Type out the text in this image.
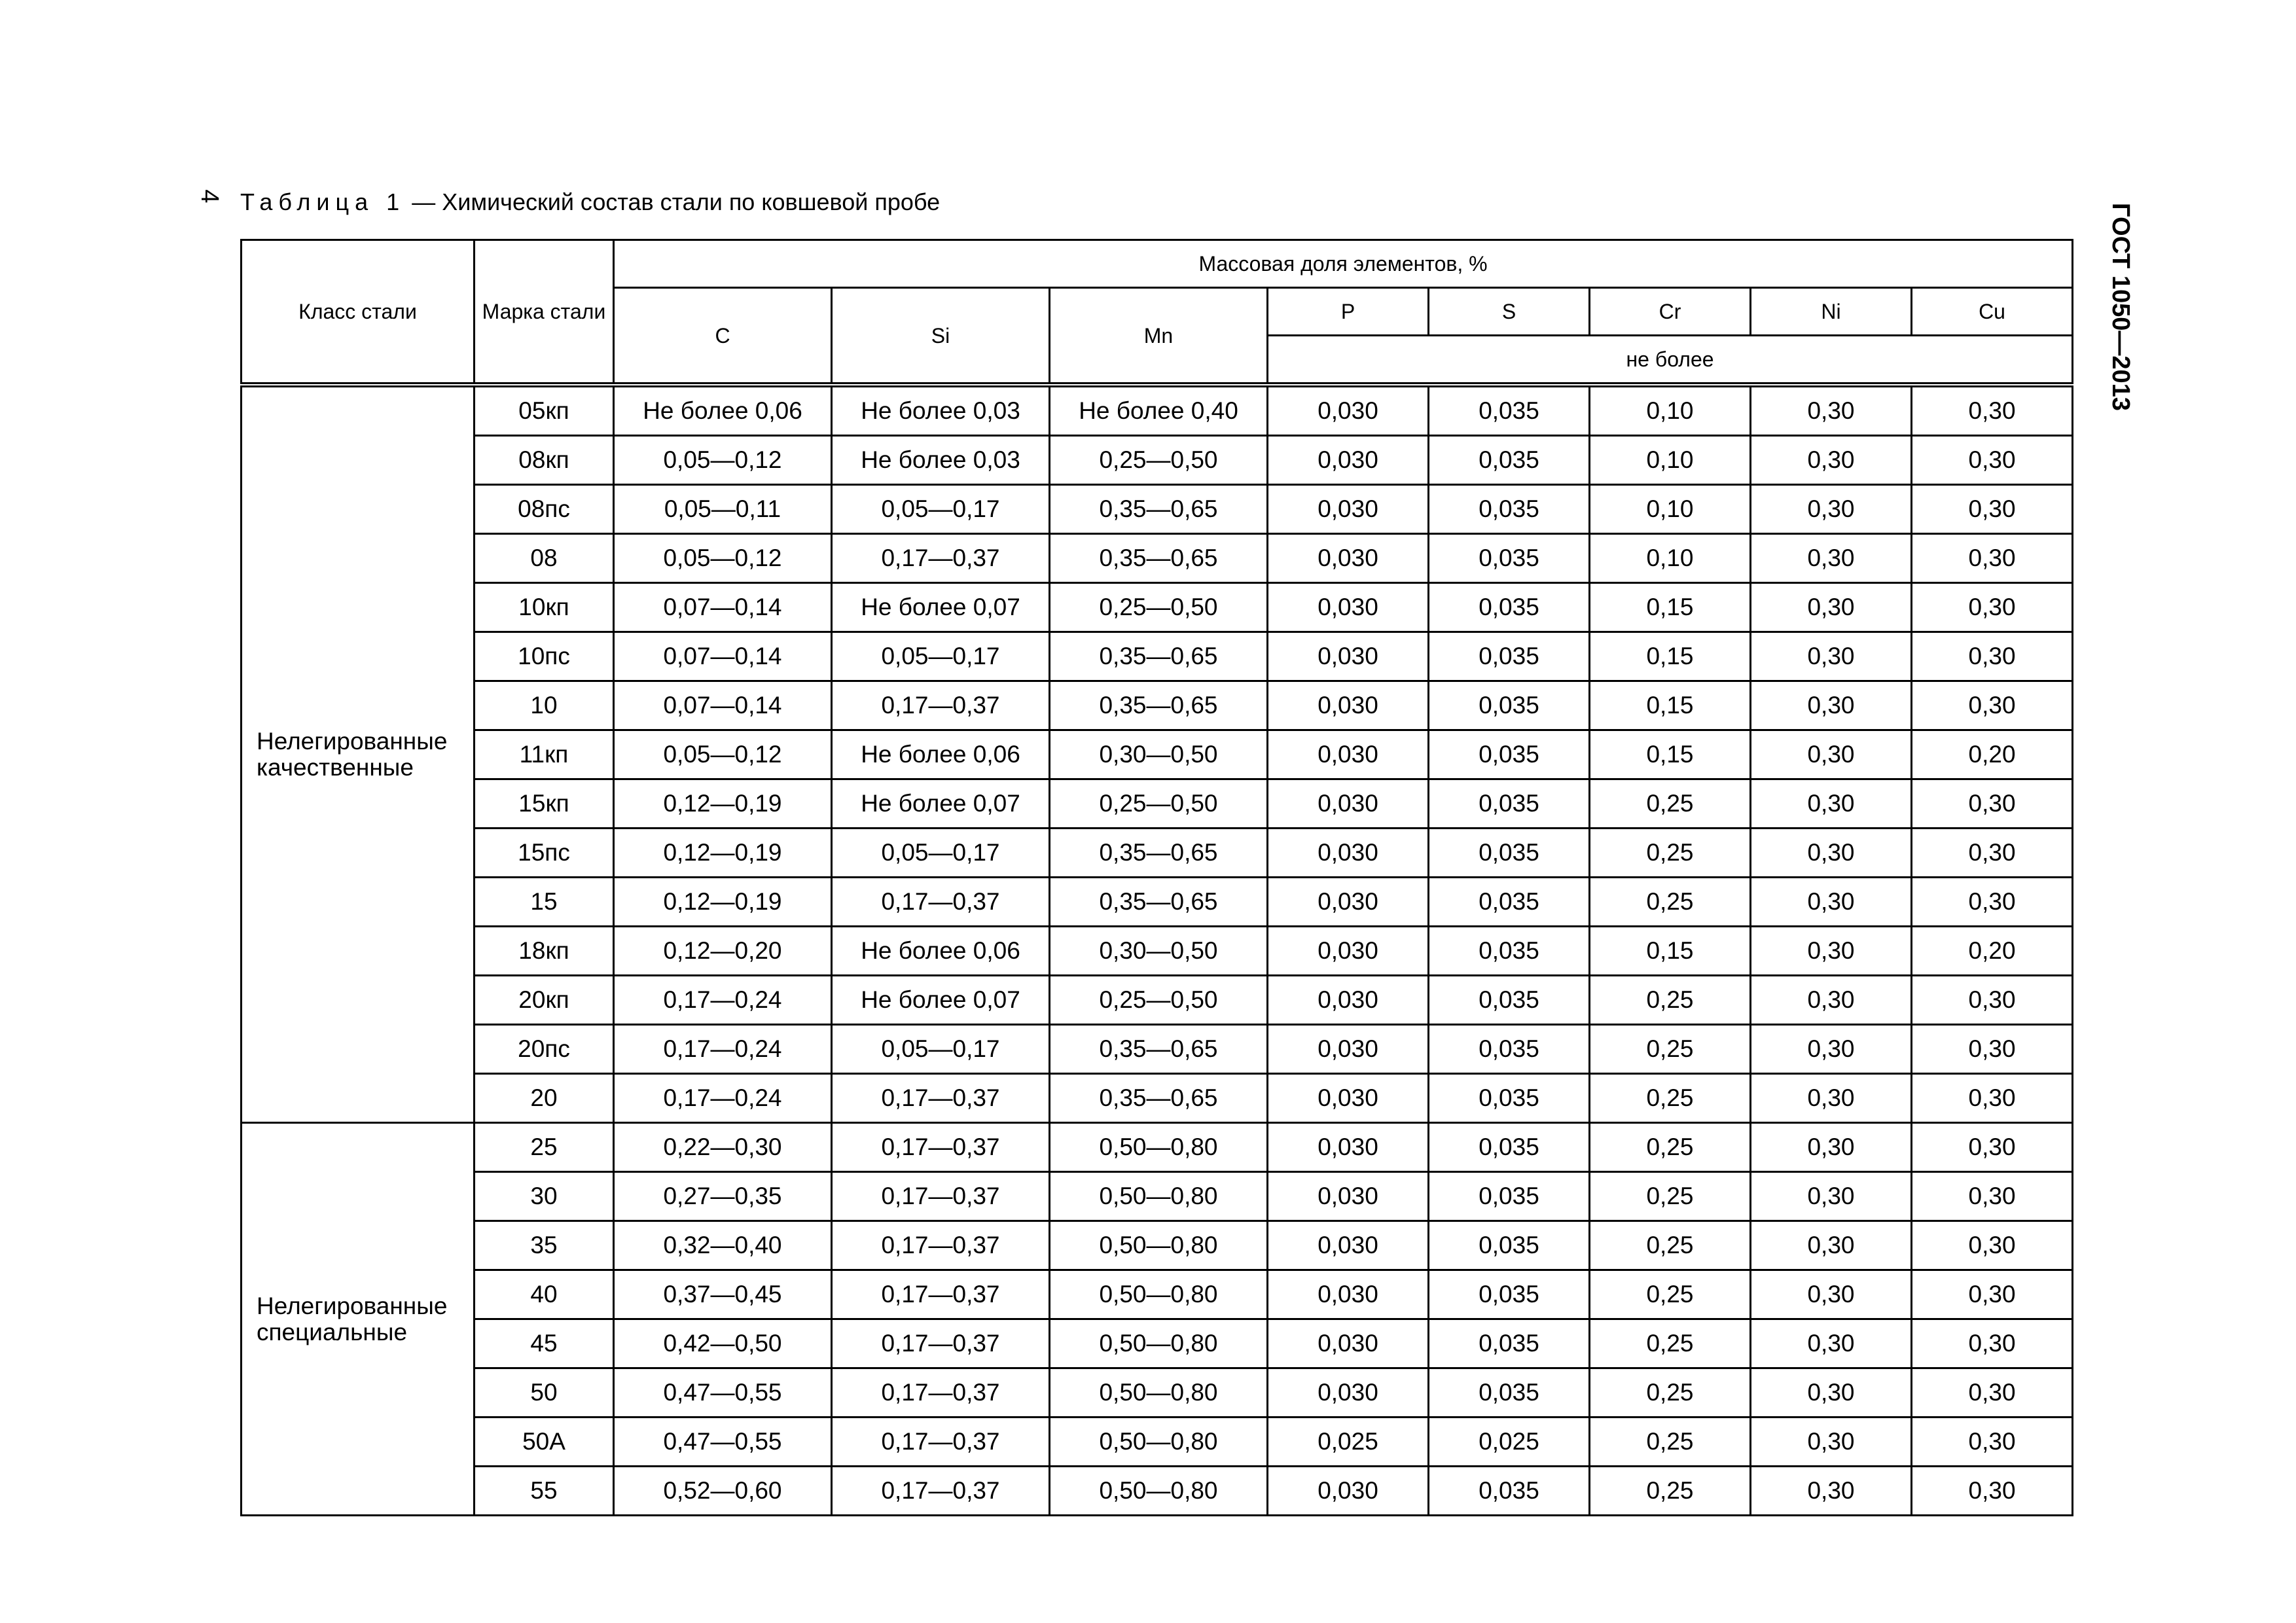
4
ГОСТ 1050—2013
Таблица 1 — Химический состав стали по ковшевой пробе
Класс стали	Марка стали	Массовая доля элементов, %							
		C	Si	Mn	P	S	Cr	Ni	Cu
					не более				
Нелегированные качественные	05кп	Не более 0,06	Не более 0,03	Не более 0,40	0,030	0,035	0,10	0,30	0,30
	08кп	0,05—0,12	Не более 0,03	0,25—0,50	0,030	0,035	0,10	0,30	0,30
	08пс	0,05—0,11	0,05—0,17	0,35—0,65	0,030	0,035	0,10	0,30	0,30
	08	0,05—0,12	0,17—0,37	0,35—0,65	0,030	0,035	0,10	0,30	0,30
	10кп	0,07—0,14	Не более 0,07	0,25—0,50	0,030	0,035	0,15	0,30	0,30
	10пс	0,07—0,14	0,05—0,17	0,35—0,65	0,030	0,035	0,15	0,30	0,30
	10	0,07—0,14	0,17—0,37	0,35—0,65	0,030	0,035	0,15	0,30	0,30
	11кп	0,05—0,12	Не более 0,06	0,30—0,50	0,030	0,035	0,15	0,30	0,20
	15кп	0,12—0,19	Не более 0,07	0,25—0,50	0,030	0,035	0,25	0,30	0,30
	15пс	0,12—0,19	0,05—0,17	0,35—0,65	0,030	0,035	0,25	0,30	0,30
	15	0,12—0,19	0,17—0,37	0,35—0,65	0,030	0,035	0,25	0,30	0,30
	18кп	0,12—0,20	Не более 0,06	0,30—0,50	0,030	0,035	0,15	0,30	0,20
	20кп	0,17—0,24	Не более 0,07	0,25—0,50	0,030	0,035	0,25	0,30	0,30
	20пс	0,17—0,24	0,05—0,17	0,35—0,65	0,030	0,035	0,25	0,30	0,30
	20	0,17—0,24	0,17—0,37	0,35—0,65	0,030	0,035	0,25	0,30	0,30
Нелегированные специальные	25	0,22—0,30	0,17—0,37	0,50—0,80	0,030	0,035	0,25	0,30	0,30
	30	0,27—0,35	0,17—0,37	0,50—0,80	0,030	0,035	0,25	0,30	0,30
	35	0,32—0,40	0,17—0,37	0,50—0,80	0,030	0,035	0,25	0,30	0,30
	40	0,37—0,45	0,17—0,37	0,50—0,80	0,030	0,035	0,25	0,30	0,30
	45	0,42—0,50	0,17—0,37	0,50—0,80	0,030	0,035	0,25	0,30	0,30
	50	0,47—0,55	0,17—0,37	0,50—0,80	0,030	0,035	0,25	0,30	0,30
	50А	0,47—0,55	0,17—0,37	0,50—0,80	0,025	0,025	0,25	0,30	0,30
	55	0,52—0,60	0,17—0,37	0,50—0,80	0,030	0,035	0,25	0,30	0,30
